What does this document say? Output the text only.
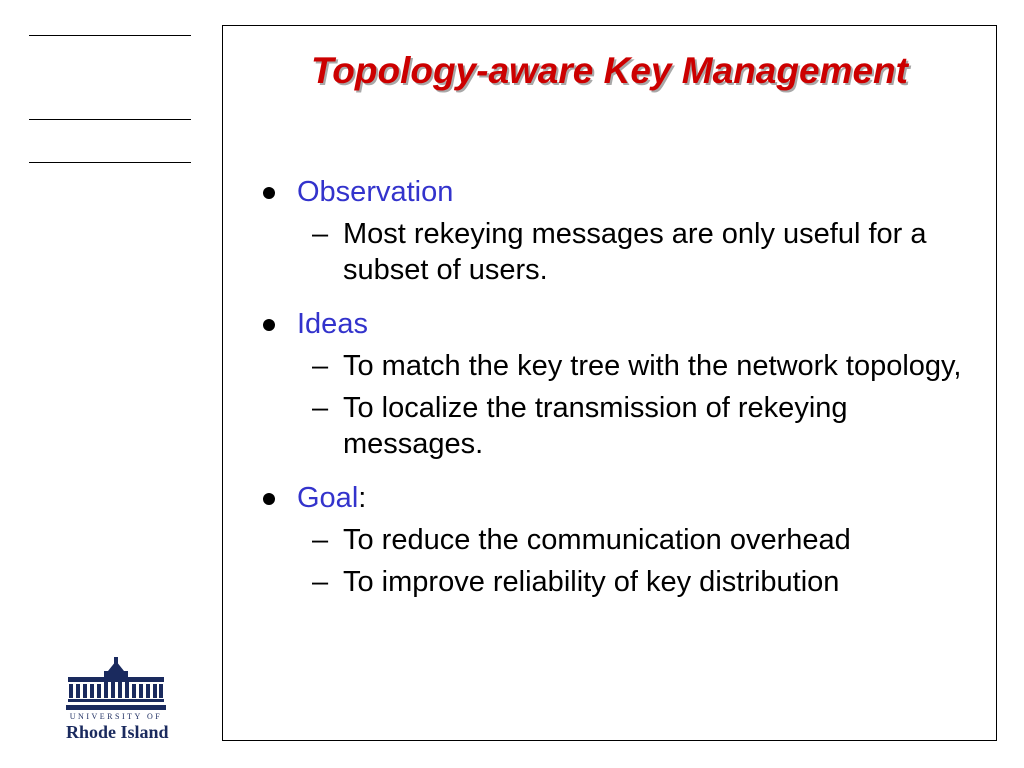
UNIVERSITY OF
Rhode Island
Topology-aware Key Management
Observation
– Most rekeying messages are only useful for a subset of users.
Ideas
– To match the key tree with the network topology,
– To localize the transmission of rekeying messages.
Goal:
– To reduce the communication overhead
– To improve reliability of key distribution
